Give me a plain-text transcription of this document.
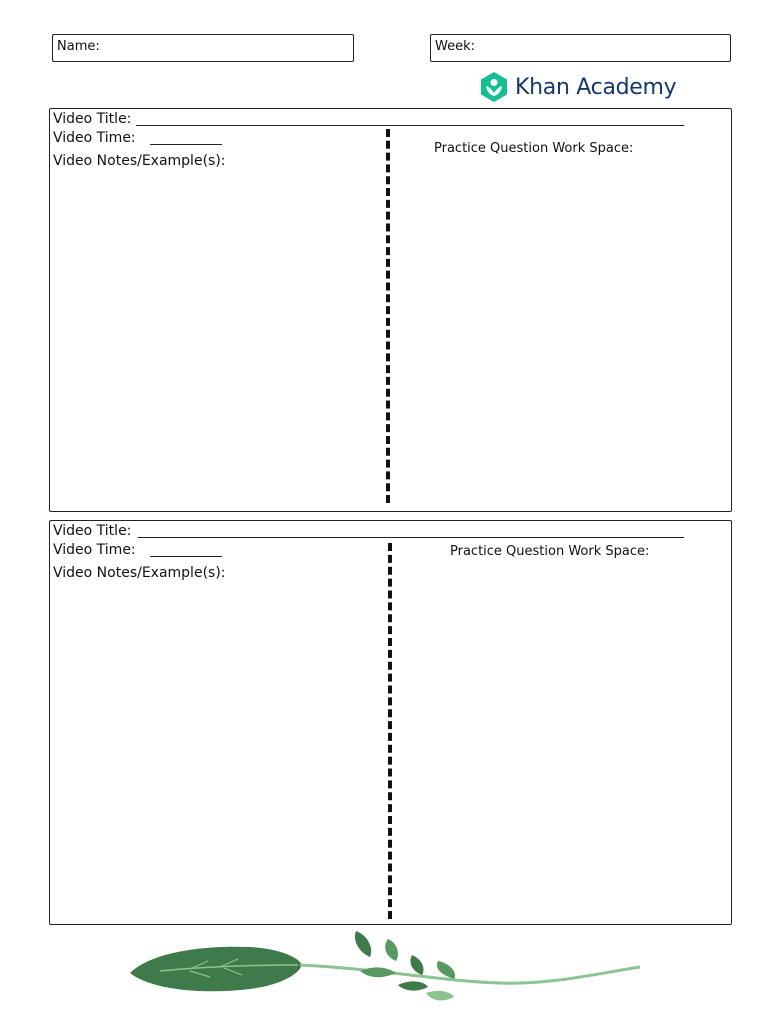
Name:	Week:
Khan Academy
Video Title:
Video Time:
Video Notes/Example(s):
Practice Question Work Space:
Video Title:
Video Time:
Video Notes/Example(s):
Practice Question Work Space:
